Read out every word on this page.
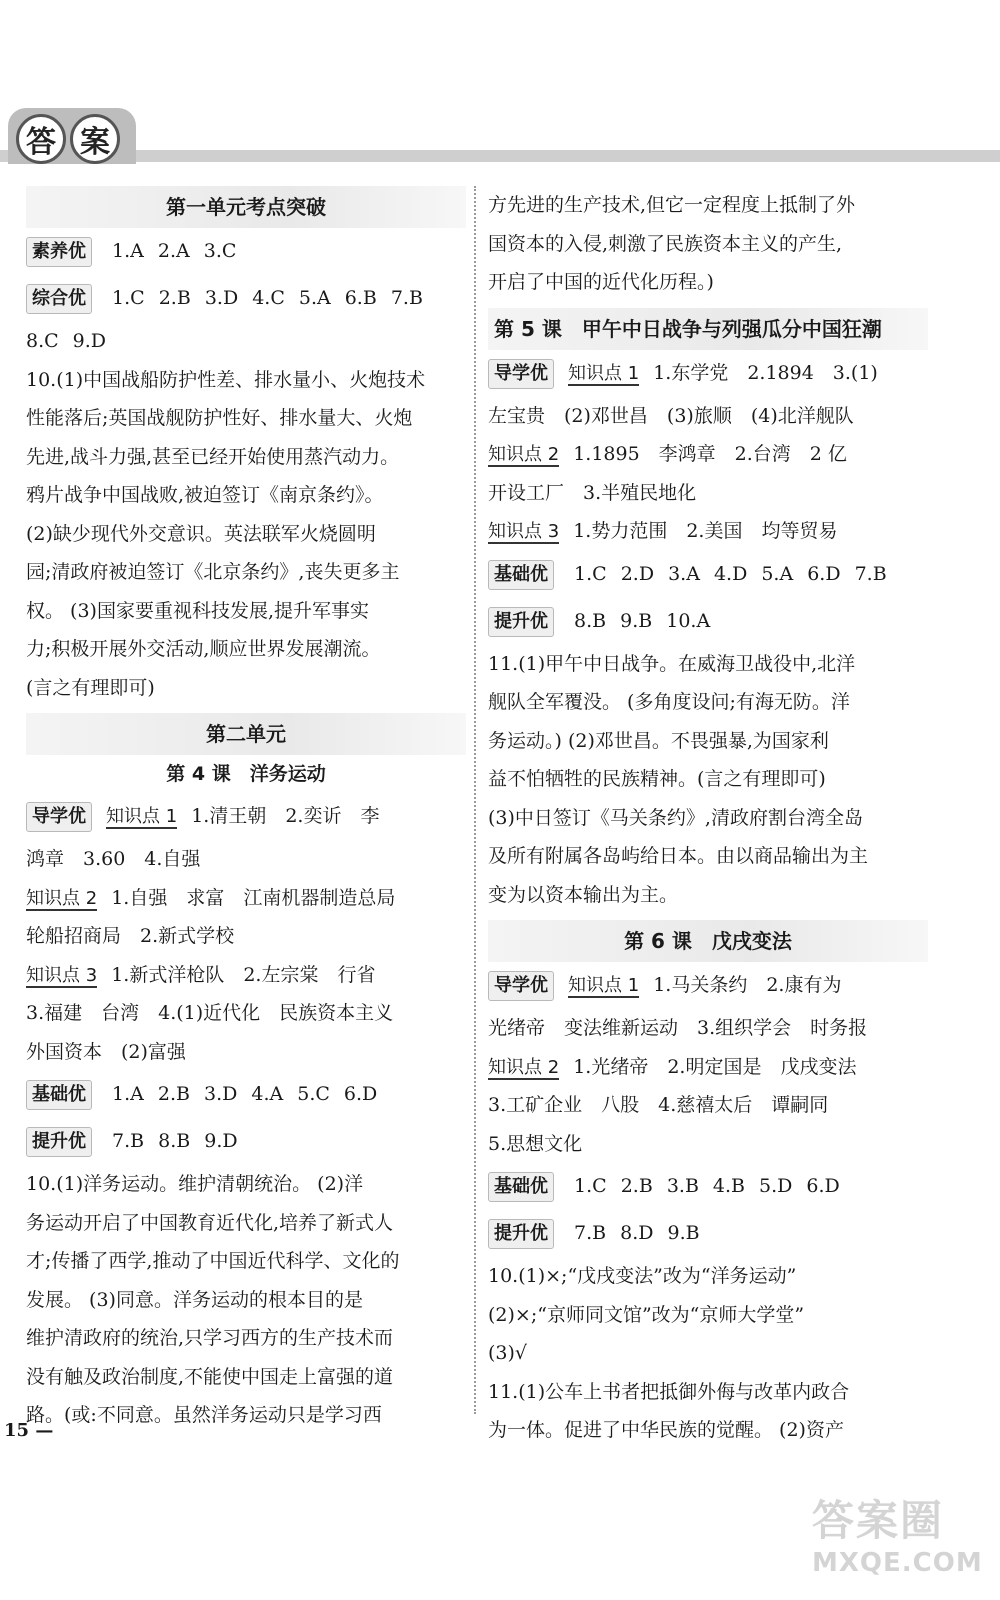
答 案
第一单元考点突破
素养优 1.A 2.A 3.C
综合优 1.C 2.B 3.D 4.C 5.A 6.B 7.B
8.C 9.D
10.(1)中国战船防护性差、排水量小、火炮技术
性能落后;英国战舰防护性好、排水量大、火炮
先进,战斗力强,甚至已经开始使用蒸汽动力。
鸦片战争中国战败,被迫签订《南京条约》。
(2)缺少现代外交意识。英法联军火烧圆明
园;清政府被迫签订《北京条约》,丧失更多主
权。 (3)国家要重视科技发展,提升军事实
力;积极开展外交活动,顺应世界发展潮流。
(言之有理即可)
第二单元
第 4 课　洋务运动
导学优 知识点 1 1.清王朝　2.奕䜣　李
鸿章　3.60　4.自强
知识点 2 1.自强　求富　江南机器制造总局
轮船招商局　2.新式学校
知识点 3 1.新式洋枪队　2.左宗棠　行省
3.福建　台湾　4.(1)近代化　民族资本主义
外国资本　(2)富强
基础优 1.A 2.B 3.D 4.A 5.C 6.D
提升优 7.B 8.B 9.D
10.(1)洋务运动。维护清朝统治。 (2)洋
务运动开启了中国教育近代化,培养了新式人
才;传播了西学,推动了中国近代科学、文化的
发展。 (3)同意。洋务运动的根本目的是
维护清政府的统治,只学习西方的生产技术而
没有触及政治制度,不能使中国走上富强的道
路。(或:不同意。虽然洋务运动只是学习西
方先进的生产技术,但它一定程度上抵制了外
国资本的入侵,刺激了民族资本主义的产生,
开启了中国的近代化历程。)
第 5 课　甲午中日战争与列强瓜分中国狂潮
导学优 知识点 1 1.东学党　2.1894　3.(1)
左宝贵　(2)邓世昌　(3)旅顺　(4)北洋舰队
知识点 2 1.1895　李鸿章　2.台湾　2 亿
开设工厂　3.半殖民地化
知识点 3 1.势力范围　2.美国　均等贸易
基础优 1.C 2.D 3.A 4.D 5.A 6.D 7.B
提升优 8.B 9.B 10.A
11.(1)甲午中日战争。在威海卫战役中,北洋
舰队全军覆没。 (多角度设问;有海无防。洋
务运动。) (2)邓世昌。不畏强暴,为国家利
益不怕牺牲的民族精神。(言之有理即可)
(3)中日签订《马关条约》,清政府割台湾全岛
及所有附属各岛屿给日本。由以商品输出为主
变为以资本输出为主。
第 6 课　戊戌变法
导学优 知识点 1 1.马关条约　2.康有为
光绪帝　变法维新运动　3.组织学会　时务报
知识点 2 1.光绪帝　2.明定国是　戊戌变法
3.工矿企业　八股　4.慈禧太后　谭嗣同
5.思想文化
基础优 1.C 2.B 3.B 4.B 5.D 6.D
提升优 7.B 8.D 9.B
10.(1)×;“戊戌变法”改为“洋务运动”
(2)×;“京师同文馆”改为“京师大学堂”
(3)√
11.(1)公车上书者把抵御外侮与改革内政合
为一体。促进了中华民族的觉醒。 (2)资产
15 —
答案圈
MXQE.COM
